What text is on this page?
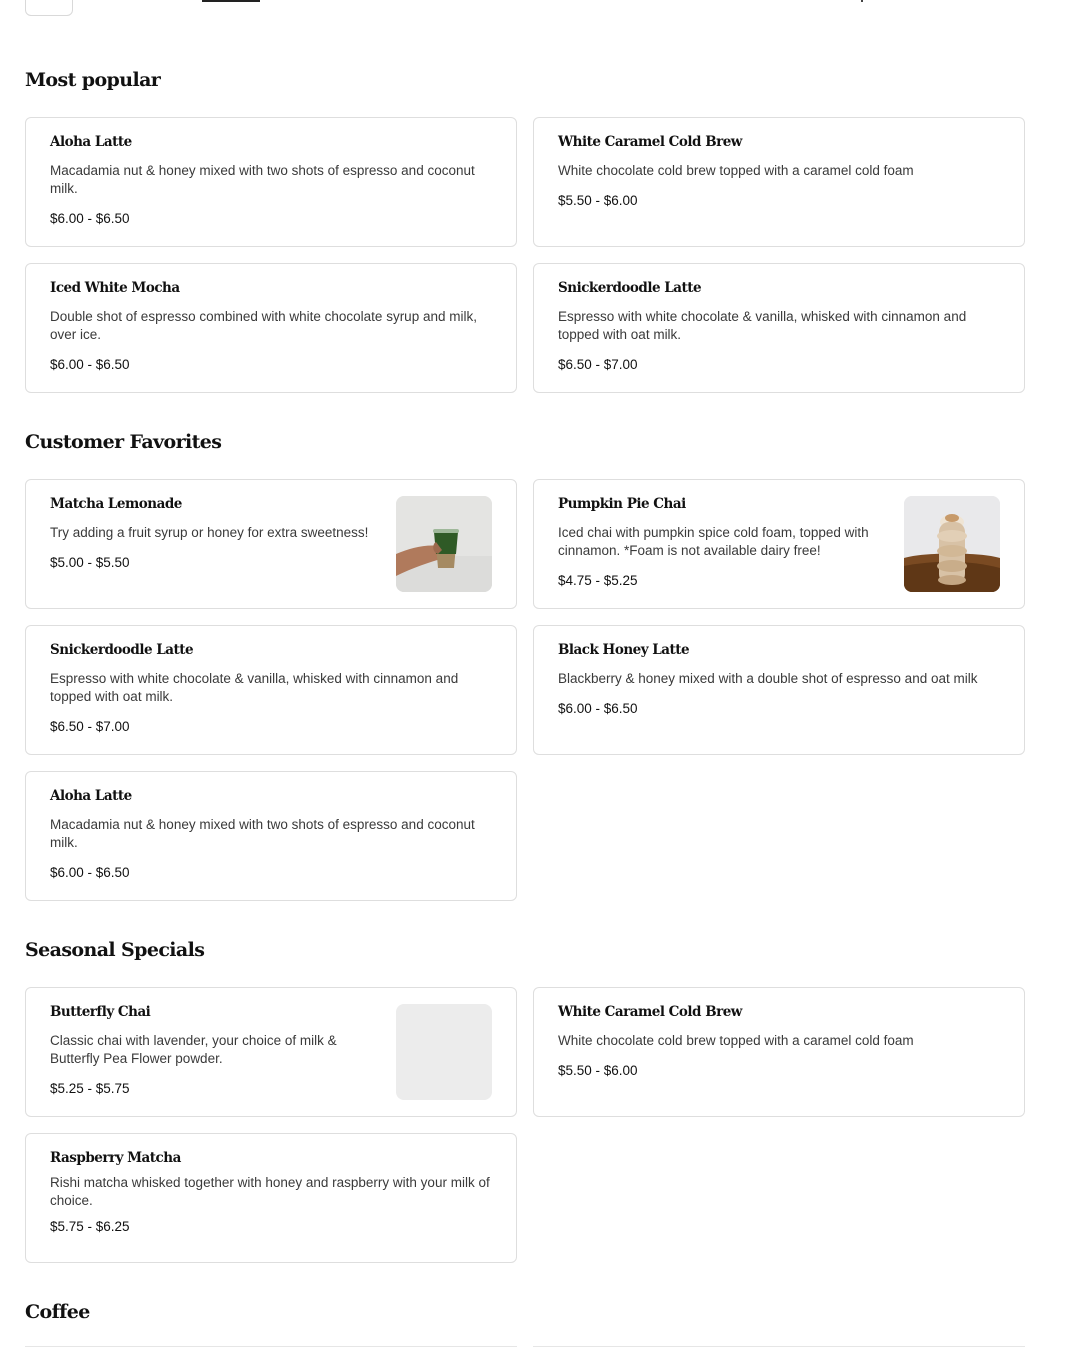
Most popular
Aloha Latte
Macadamia nut & honey mixed with two shots of espresso and coconut milk.
$6.00 - $6.50
White Caramel Cold Brew
White chocolate cold brew topped with a caramel cold foam
$5.50 - $6.00
Iced White Mocha
Double shot of espresso combined with white chocolate syrup and milk, over ice.
$6.00 - $6.50
Snickerdoodle Latte
Espresso with white chocolate & vanilla, whisked with cinnamon and topped with oat milk.
$6.50 - $7.00
Customer Favorites
Matcha Lemonade
Try adding a fruit syrup or honey for extra sweetness!
$5.00 - $5.50
Pumpkin Pie Chai
Iced chai with pumpkin spice cold foam, topped with cinnamon. *Foam is not available dairy free!
$4.75 - $5.25
Snickerdoodle Latte
Espresso with white chocolate & vanilla, whisked with cinnamon and topped with oat milk.
$6.50 - $7.00
Black Honey Latte
Blackberry & honey mixed with a double shot of espresso and oat milk
$6.00 - $6.50
Aloha Latte
Macadamia nut & honey mixed with two shots of espresso and coconut milk.
$6.00 - $6.50
Seasonal Specials
Butterfly Chai
Classic chai with lavender, your choice of milk & Butterfly Pea Flower powder.
$5.25 - $5.75
White Caramel Cold Brew
White chocolate cold brew topped with a caramel cold foam
$5.50 - $6.00
Raspberry Matcha
Rishi matcha whisked together with honey and raspberry with your milk of choice.
$5.75 - $6.25
Coffee
